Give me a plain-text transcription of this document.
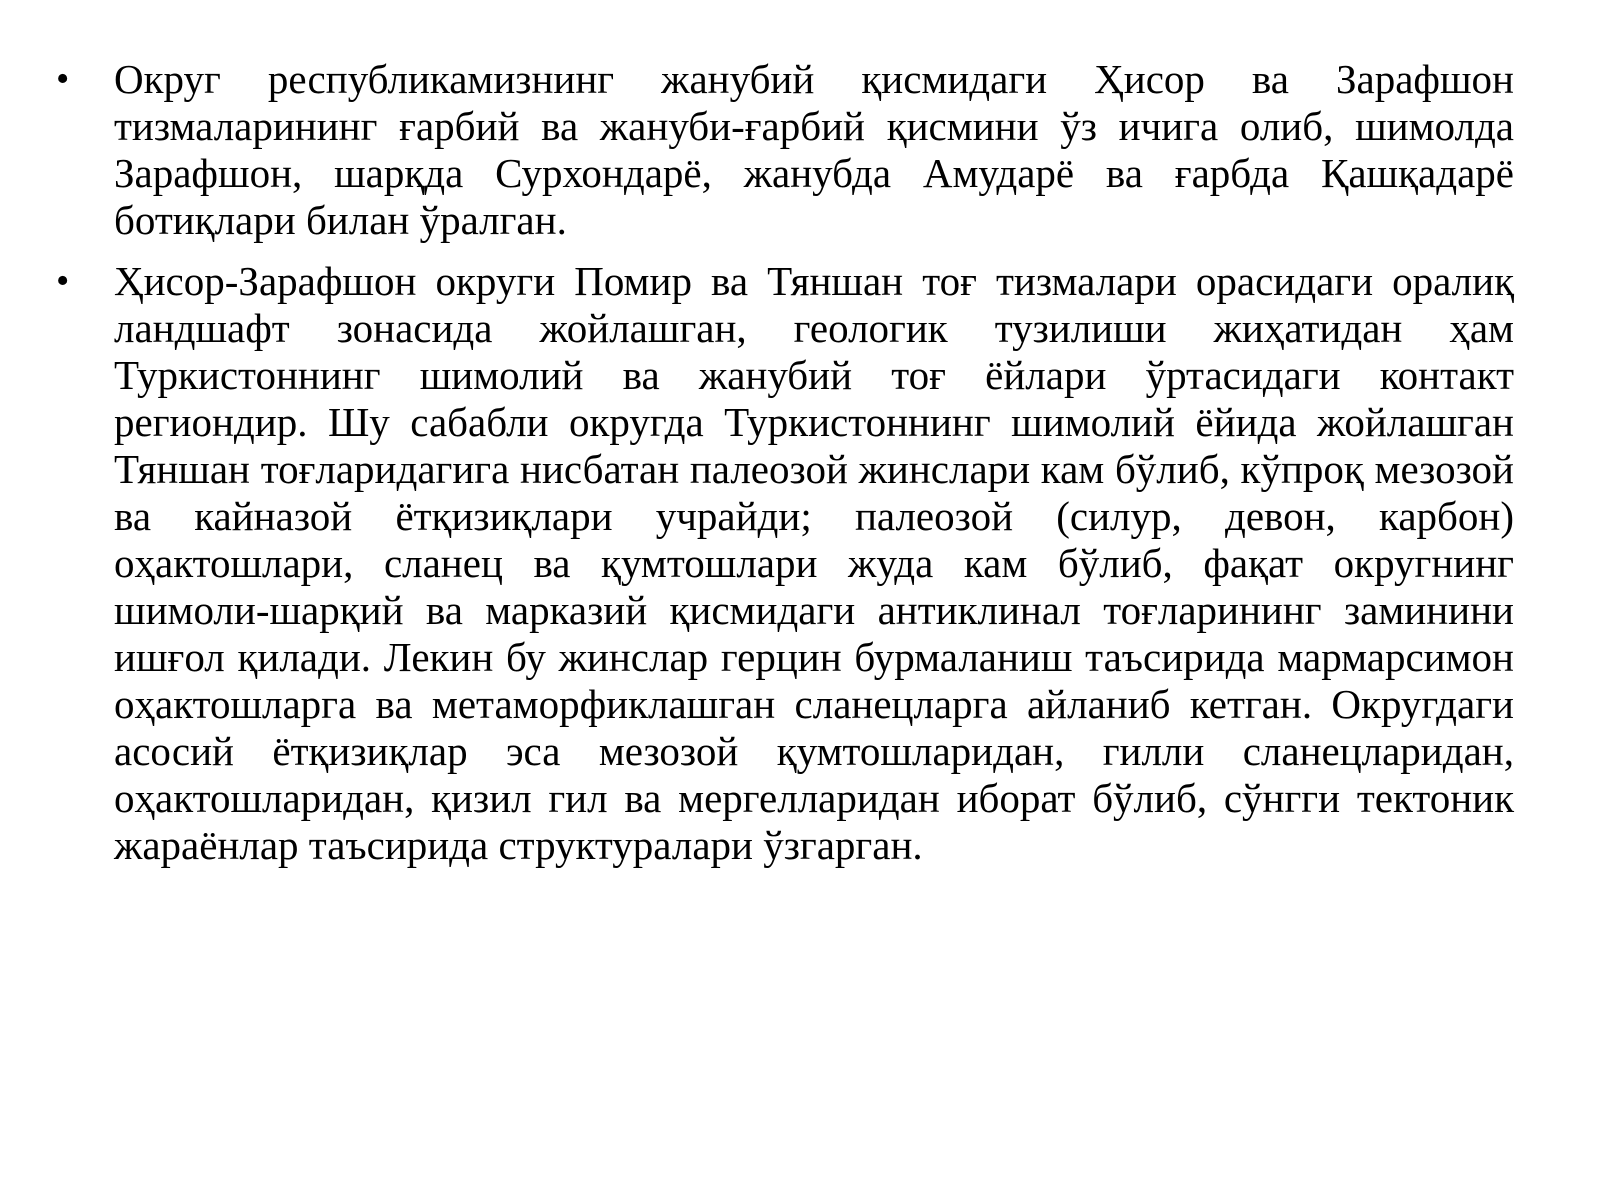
• Округ республикамизнинг жанубий қисмидаги Ҳисор ва Зарафшон тизмаларининг ғарбий ва жануби-ғарбий қисмини ўз ичига олиб, шимолда Зарафшон, шарқда Сурхондарё, жанубда Амударё ва ғарбда Қашқадарё ботиқлари билан ўралган.
• Ҳисор-Зарафшон округи Помир ва Тяншан тоғ тизмалари орасидаги оралиқ ландшафт зонасида жойлашган, геологик тузилиши жиҳатидан ҳам Туркистоннинг шимолий ва жанубий тоғ ёйлари ўртасидаги контакт региондир. Шу сабабли округда Туркистоннинг шимолий ёйида жойлашган Тяншан тоғларидагига нисбатан палеозой жинслари кам бўлиб, кўпроқ мезозой ва кайназой ётқизиқлари учрайди; палеозой (силур, девон, карбон) оҳактошлари, сланец ва қумтошлари жуда кам бўлиб, фақат округнинг шимоли-шарқий ва марказий қисмидаги антиклинал тоғларининг заминини ишғол қилади. Лекин бу жинслар герцин бурмаланиш таъсирида мармарсимон оҳактошларга ва метаморфиклашган сланецларга айланиб кетган. Округдаги асосий ётқизиқлар эса мезозой қумтошларидан, гилли сланецларидан, оҳактошларидан, қизил гил ва мергелларидан иборат бўлиб, сўнгги тектоник жараёнлар таъсирида структуралари ўзгарган.
